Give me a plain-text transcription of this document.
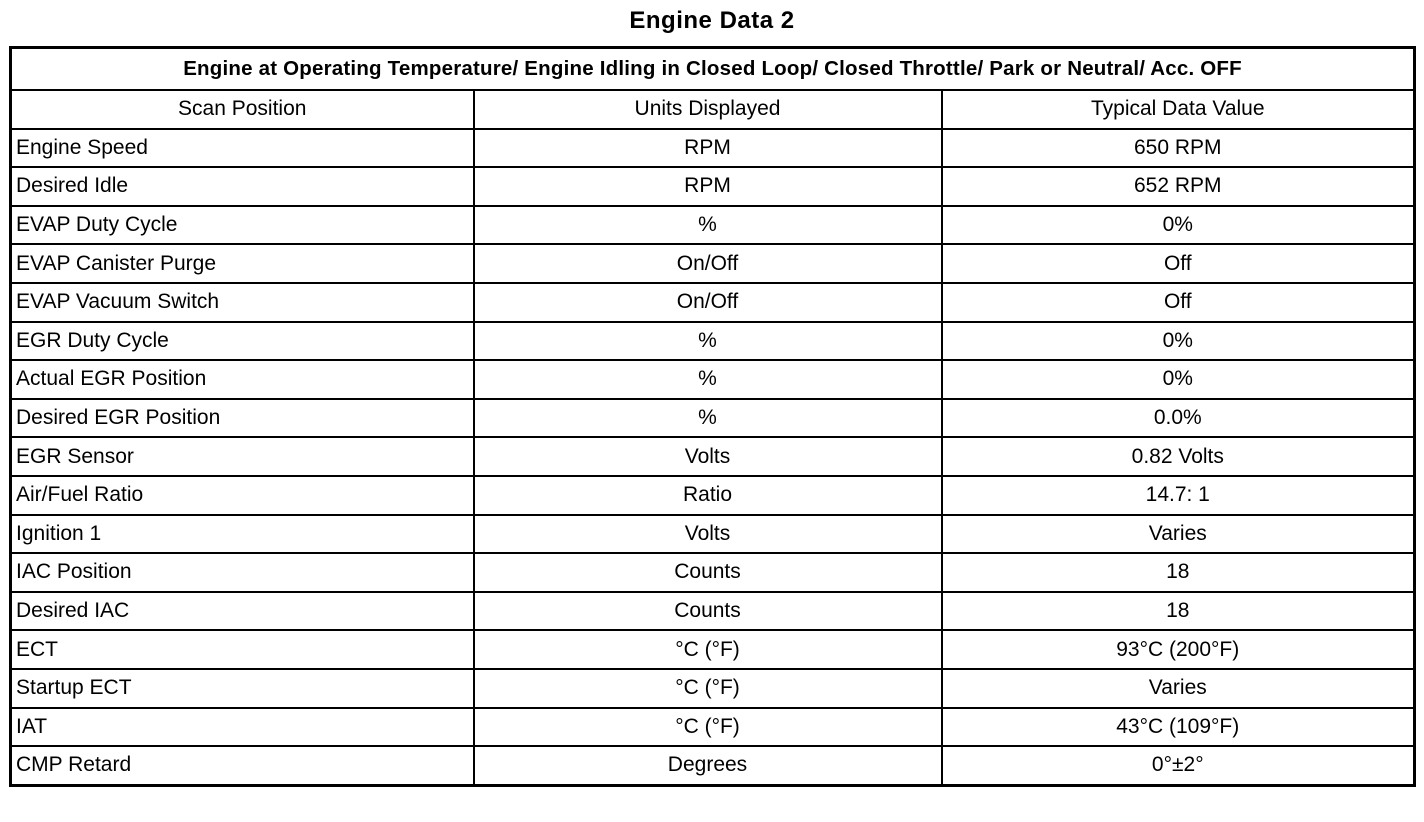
Engine Data 2
Engine at Operating Temperature/ Engine Idling in Closed Loop/ Closed Throttle/ Park or Neutral/ Acc. OFF		
Scan Position	Units Displayed	Typical Data Value
Engine Speed	RPM	650 RPM
Desired Idle	RPM	652 RPM
EVAP Duty Cycle	%	0%
EVAP Canister Purge	On/Off	Off
EVAP Vacuum Switch	On/Off	Off
EGR Duty Cycle	%	0%
Actual EGR Position	%	0%
Desired EGR Position	%	0.0%
EGR Sensor	Volts	0.82 Volts
Air/Fuel Ratio	Ratio	14.7: 1
Ignition 1	Volts	Varies
IAC Position	Counts	18
Desired IAC	Counts	18
ECT	°C (°F)	93°C (200°F)
Startup ECT	°C (°F)	Varies
IAT	°C (°F)	43°C (109°F)
CMP Retard	Degrees	0°±2°
